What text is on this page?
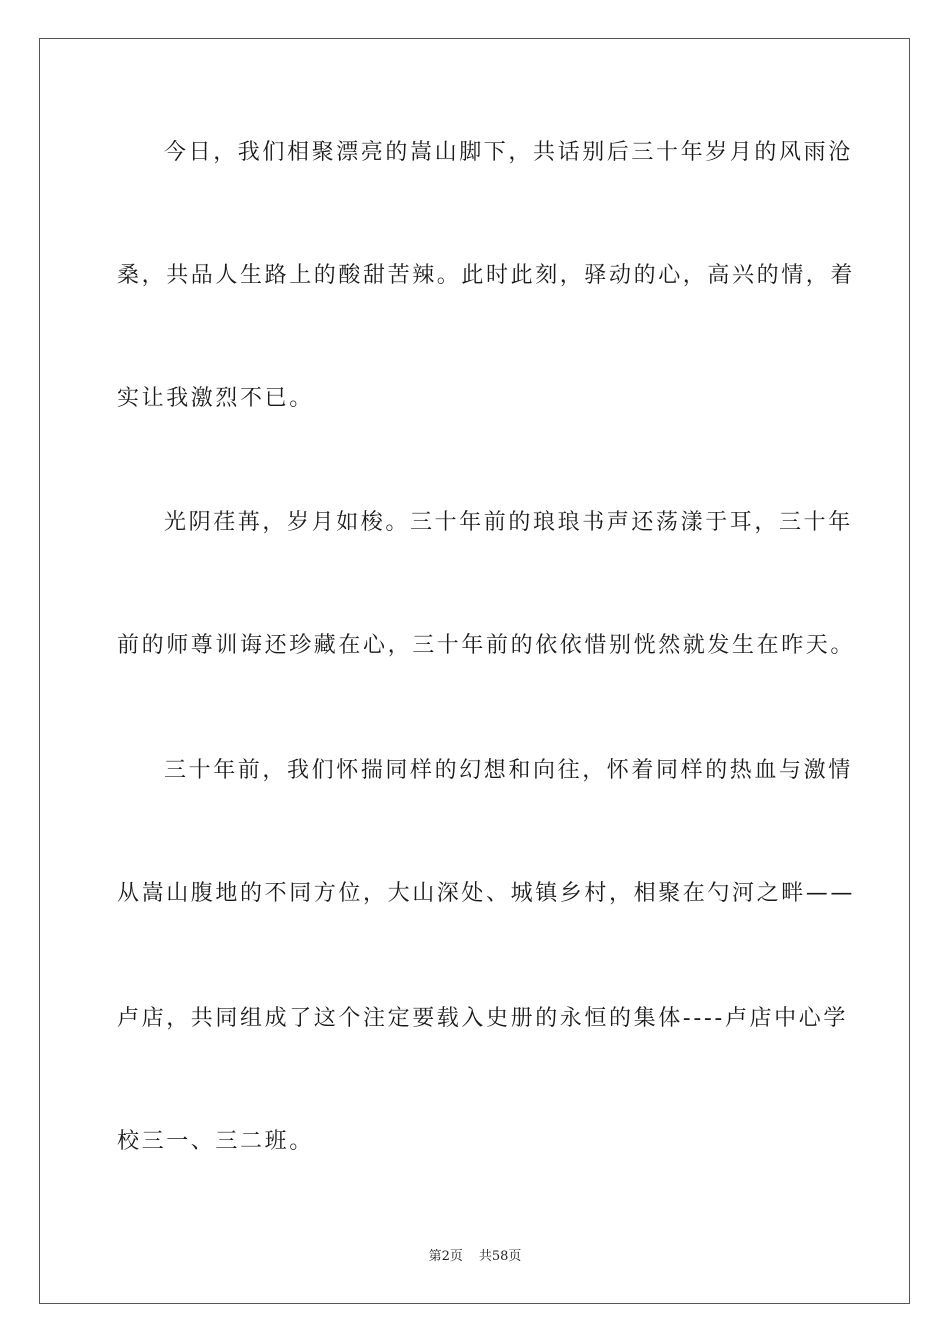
今日，我们相聚漂亮的嵩山脚下，共话别后三十年岁月的风雨沧
桑，共品人生路上的酸甜苦辣。此时此刻，驿动的心，高兴的情，着
实让我激烈不已。
光阴荏苒，岁月如梭。三十年前的琅琅书声还荡漾于耳，三十年
前的师尊训诲还珍藏在心，三十年前的依依惜别恍然就发生在昨天。
三十年前，我们怀揣同样的幻想和向往，怀着同样的热血与激情
从嵩山腹地的不同方位，大山深处、城镇乡村，相聚在勺河之畔——
卢店，共同组成了这个注定要载入史册的永恒的集体----卢店中心学
校三一、三二班。
第2页 共58页
